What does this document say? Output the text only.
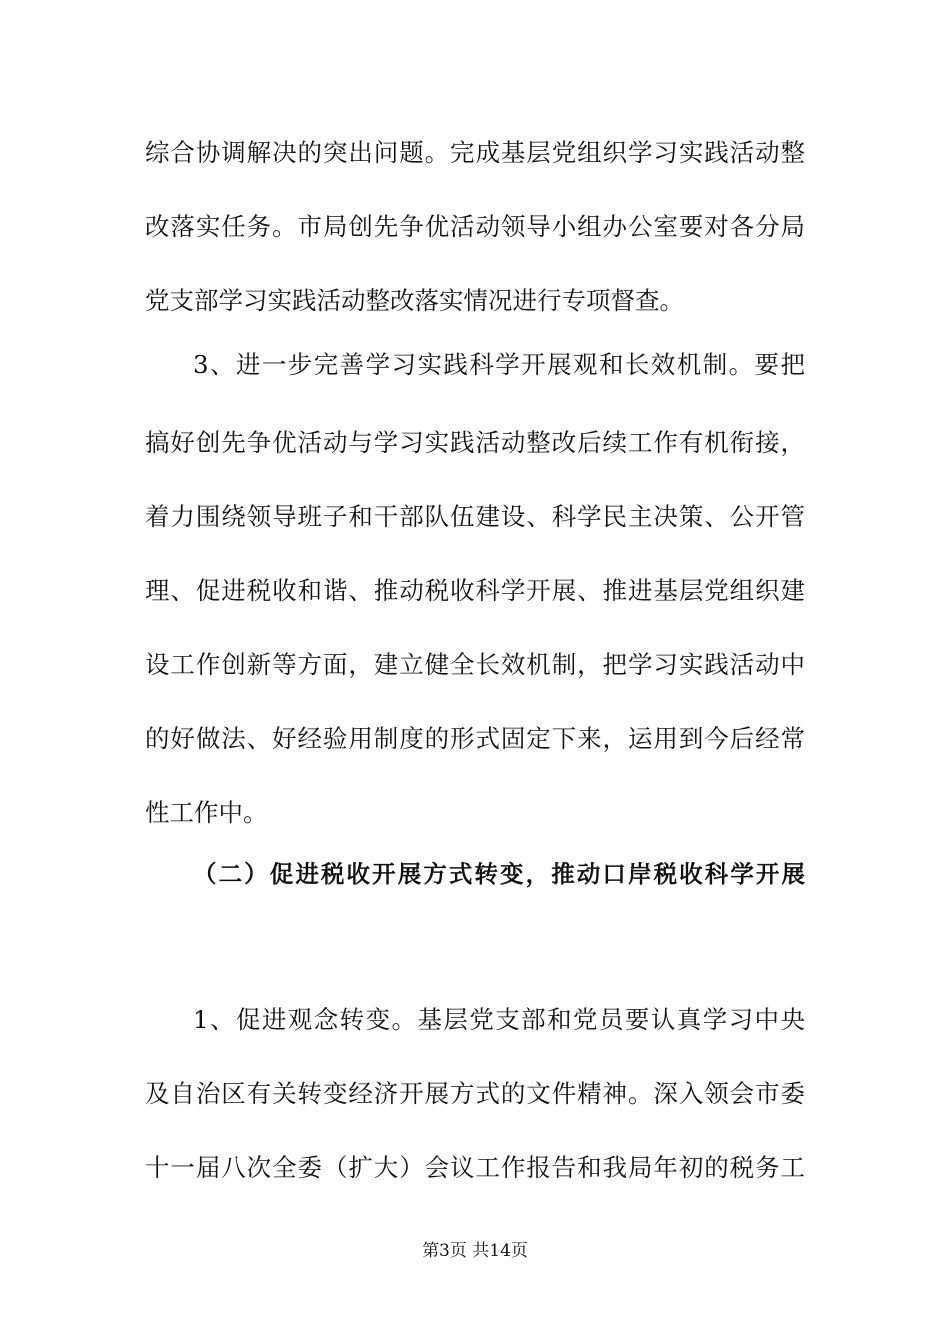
综合协调解决的突出问题。完成基层党组织学习实践活动整
改落实任务。市局创先争优活动领导小组办公室要对各分局
党支部学习实践活动整改落实情况进行专项督查。
3、进一步完善学习实践科学开展观和长效机制。要把
搞好创先争优活动与学习实践活动整改后续工作有机衔接，
着力围绕领导班子和干部队伍建设、科学民主决策、公开管
理、促进税收和谐、推动税收科学开展、推进基层党组织建
设工作创新等方面，建立健全长效机制，把学习实践活动中
的好做法、好经验用制度的形式固定下来，运用到今后经常
性工作中。
（二）促进税收开展方式转变，推动口岸税收科学开展
1、促进观念转变。基层党支部和党员要认真学习中央
及自治区有关转变经济开展方式的文件精神。深入领会市委
十一届八次全委（扩大）会议工作报告和我局年初的税务工
第3页 共14页
